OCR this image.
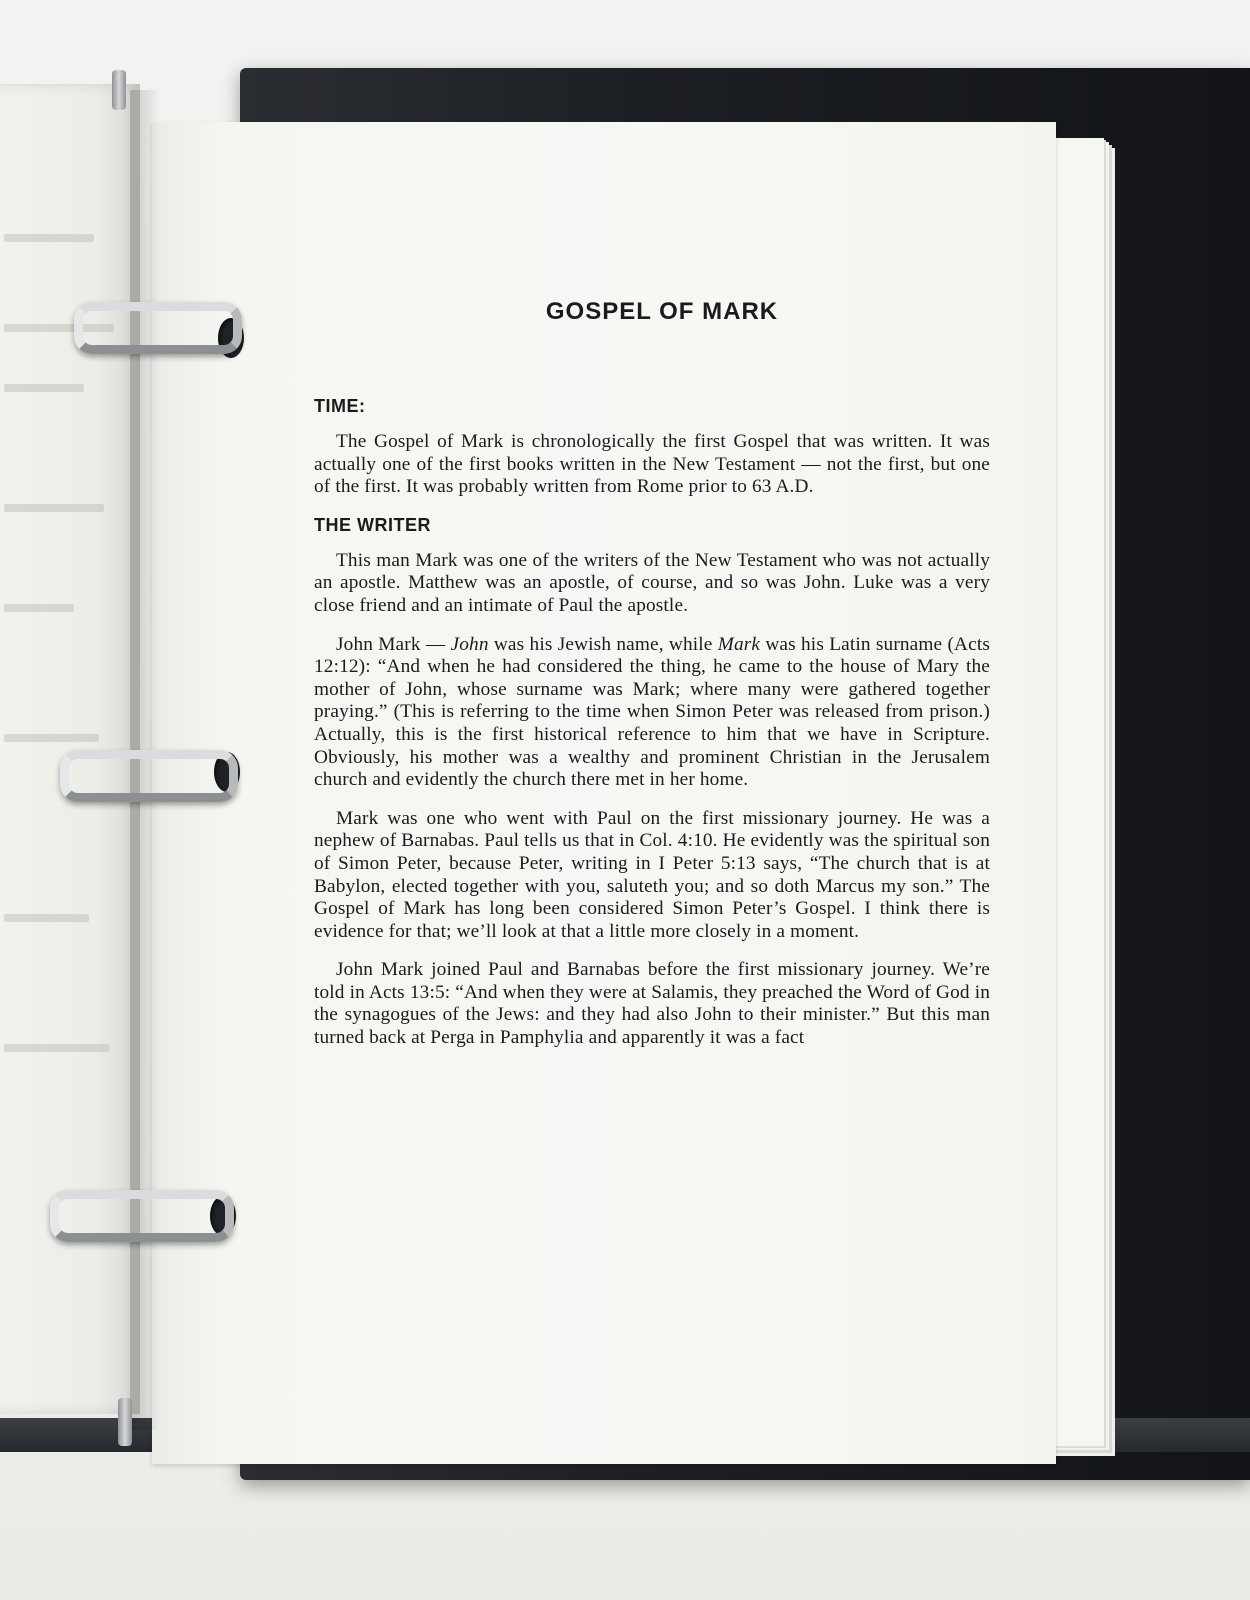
GOSPEL OF MARK
TIME:

The Gospel of Mark is chronologically the first Gospel that was written. It was actually one of the first books written in the New Testament — not the first, but one of the first. It was probably written from Rome prior to 63 A.D.

THE WRITER

This man Mark was one of the writers of the New Testament who was not actually an apostle. Matthew was an apostle, of course, and so was John. Luke was a very close friend and an intimate of Paul the apostle.

John Mark — John was his Jewish name, while Mark was his Latin surname (Acts 12:12): “And when he had considered the thing, he came to the house of Mary the mother of John, whose surname was Mark; where many were gathered together praying.” (This is referring to the time when Simon Peter was released from prison.) Actually, this is the first historical reference to him that we have in Scripture. Obviously, his mother was a wealthy and prominent Christian in the Jerusalem church and evidently the church there met in her home.

Mark was one who went with Paul on the first missionary journey. He was a nephew of Barnabas. Paul tells us that in Col. 4:10. He evidently was the spiritual son of Simon Peter, because Peter, writing in I Peter 5:13 says, “The church that is at Babylon, elected together with you, saluteth you; and so doth Marcus my son.” The Gospel of Mark has long been considered Simon Peter’s Gospel. I think there is evidence for that; we’ll look at that a little more closely in a moment.

John Mark joined Paul and Barnabas before the first missionary journey. We’re told in Acts 13:5: “And when they were at Salamis, they preached the Word of God in the synagogues of the Jews: and they had also John to their minister.” But this man turned back at Perga in Pamphylia and apparently it was a fact
